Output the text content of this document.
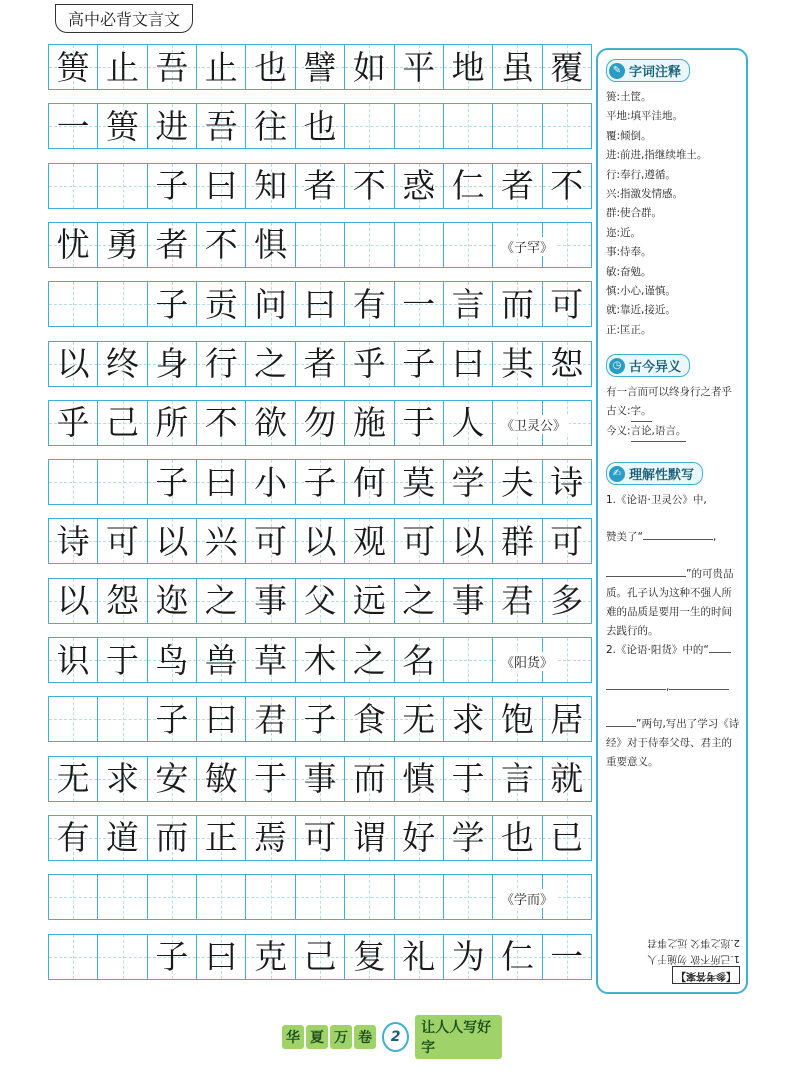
高中必背文言文
篑 止 吾 止 也 譬 如 平 地 虽 覆
一 篑 进 吾 往 也
子 曰 知 者 不 惑 仁 者 不
忧 勇 者 不 惧	《子罕》
子 贡 问 曰 有 一 言 而 可
以 终 身 行 之 者 乎 子 曰 其 恕
乎 己 所 不 欲 勿 施 于 人 《卫灵公》
子 曰 小 子 何 莫 学 夫 诗
诗 可 以 兴 可 以 观 可 以 群 可
以 怨 迩 之 事 父 远 之 事 君 多
识 于 鸟 兽 草 木 之 名	《阳货》
子 曰 君 子 食 无 求 饱 居
无 求 安 敏 于 事 而 慎 于 言 就
有 道 而 正 焉 可 谓 好 学 也 已
《学而》
子 曰 克 己 复 礼 为 仁 一
✎ 字词注释
篑:土筐。
平地:填平洼地。
覆:倾倒。
进:前进,指继续堆土。
行:奉行,遵循。
兴:指激发情感。
群:使合群。
迩:近。
事:侍奉。
敏:奋勉。
慎:小心,谨慎。
就:靠近,接近。
正:匡正。
◷ 古今异义

有一言而可以终身行之者乎

古义:字。

今义:言论,语言。

✍ 理解性默写

1.《论语·卫灵公》中,

赞美了“	,

”的可贵品质。孔子认为这种不强人所难的品质是要用一生的时间去践行的。

2.《论语·阳货》中的“

,

”两句,写出了学习《诗经》对于侍奉父母、君主的重要意义。

【参考答案】
1.己所不欲 勿施于人
2.迩之事父 远之事君
华 夏 万 卷	2
让人人写好字
